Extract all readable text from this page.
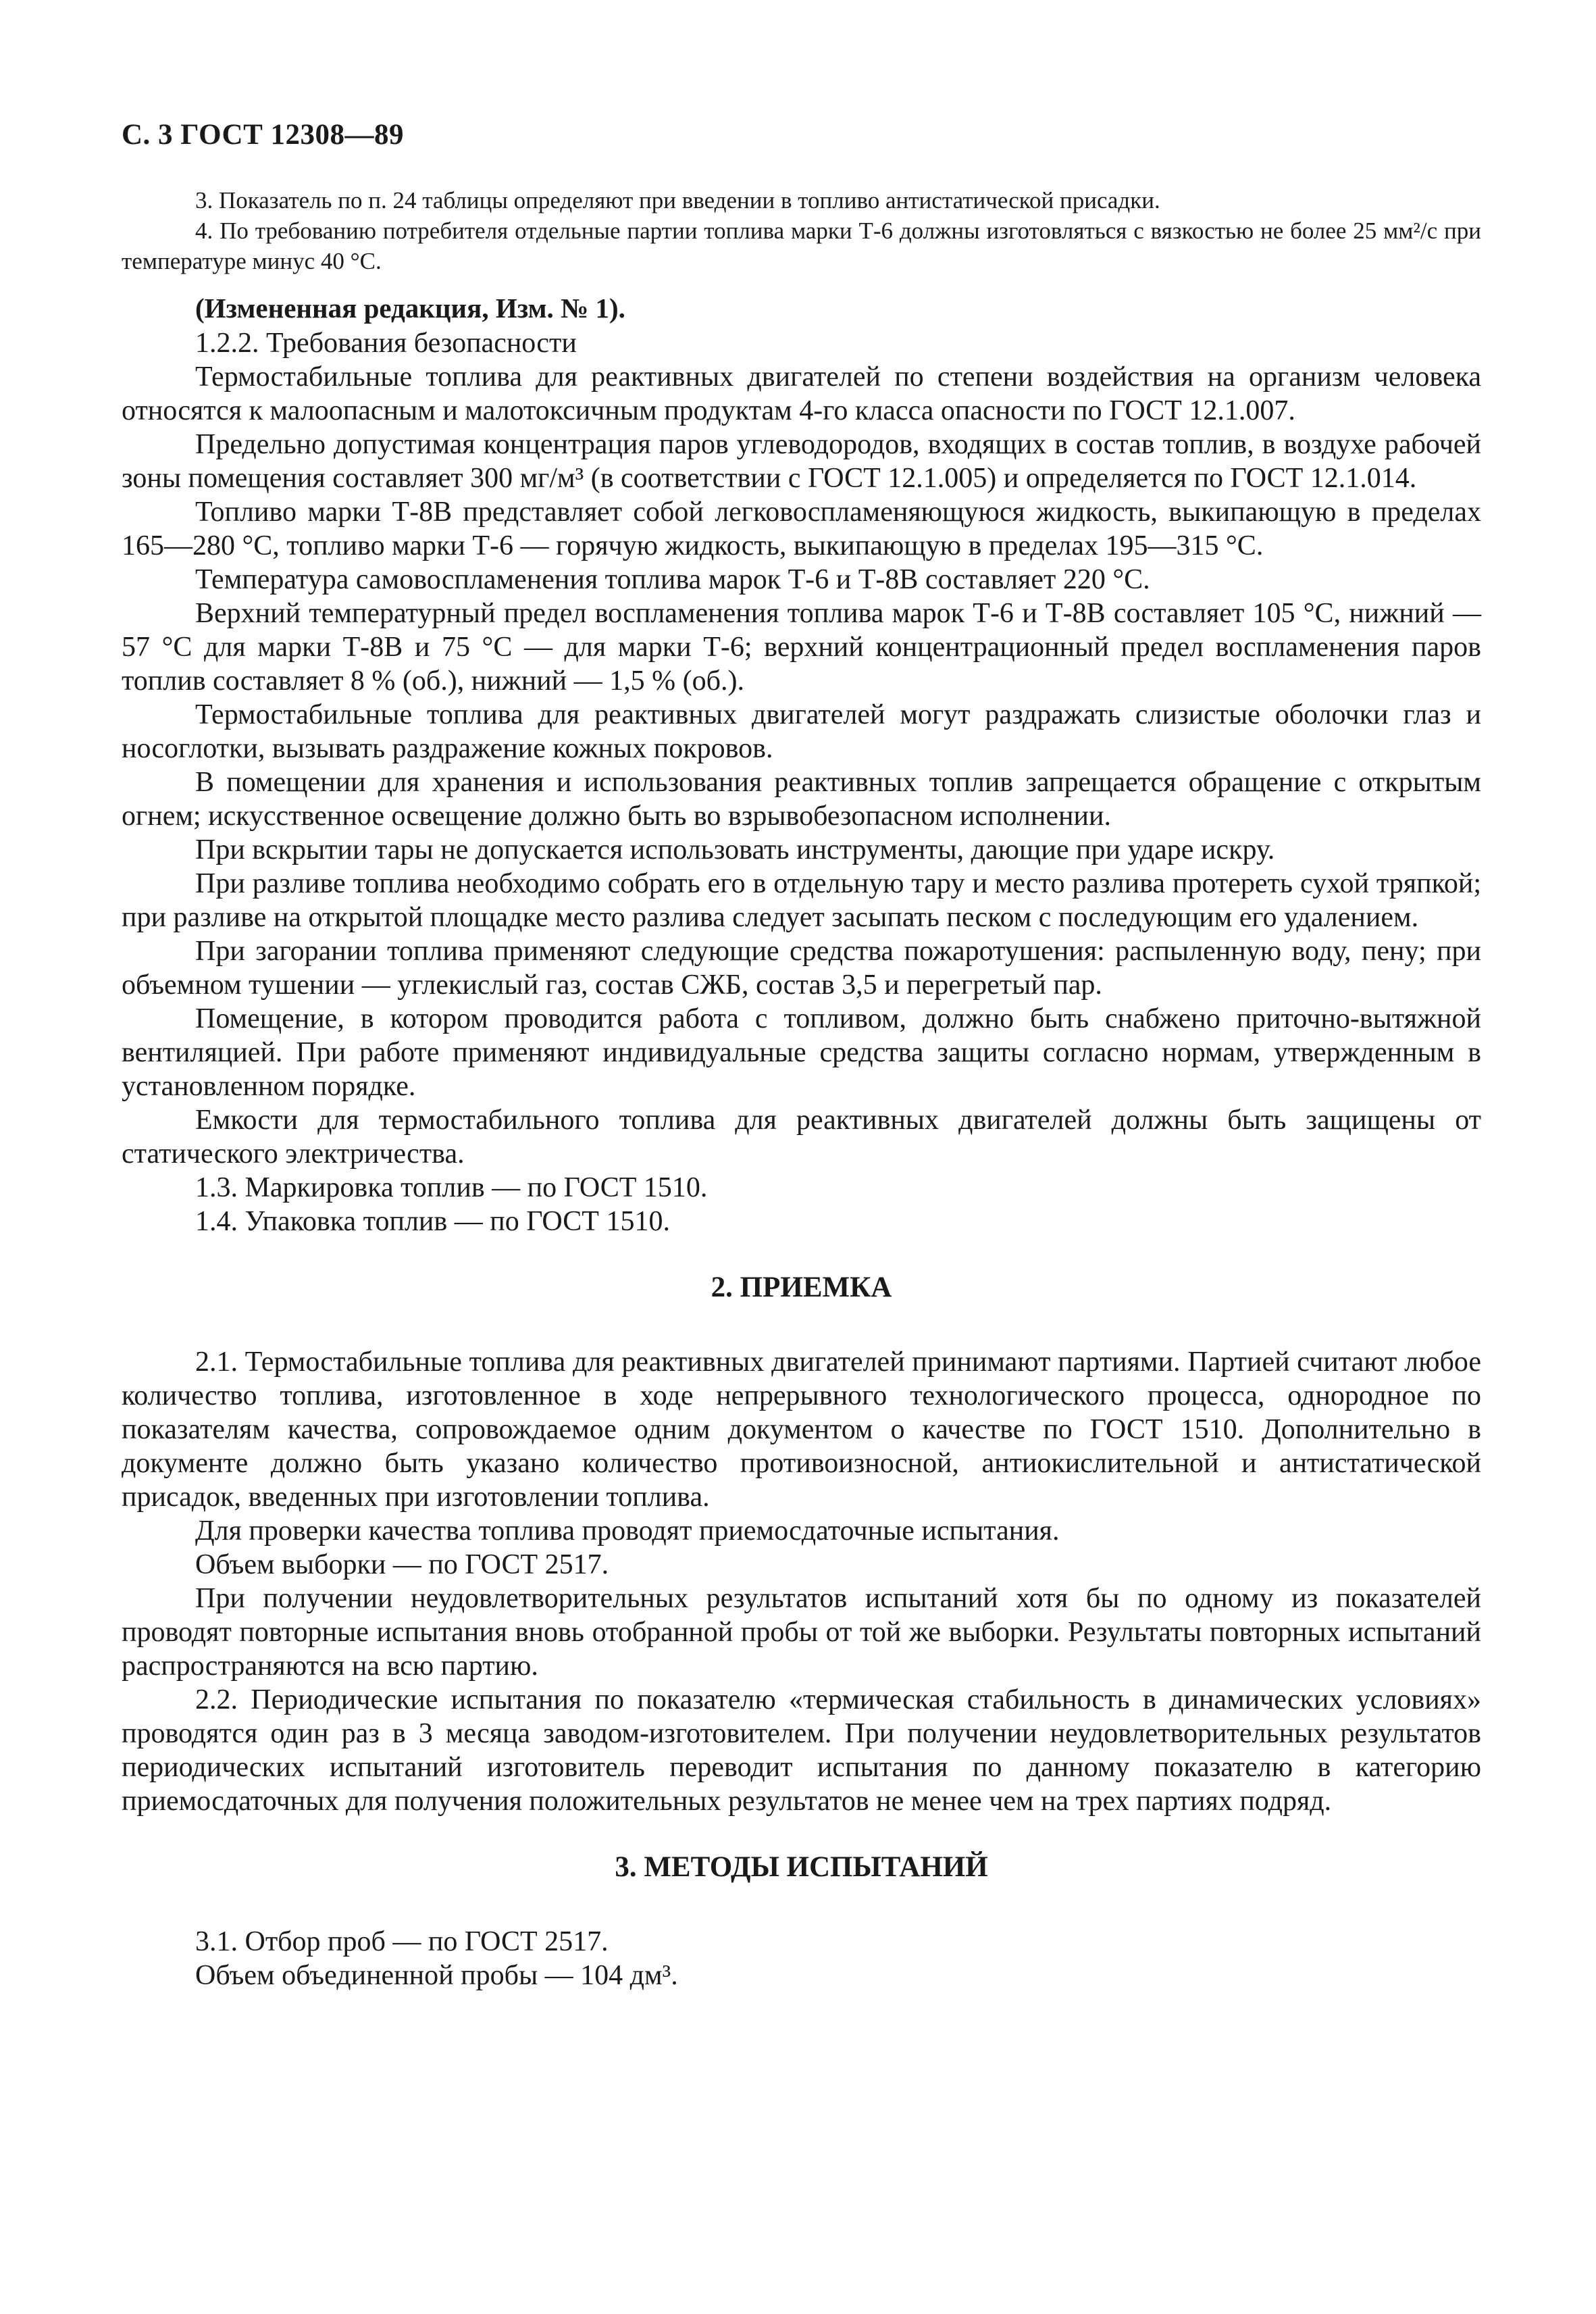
С. 3 ГОСТ 12308—89

3. Показатель по п. 24 таблицы определяют при введении в топливо антистатической присадки.

4. По требованию потребителя отдельные партии топлива марки Т-6 должны изготовляться с вязкостью не более 25 мм²/с при температуре минус 40 °С.

(Измененная редакция, Изм. № 1).

1.2.2. Требования безопасности

Термостабильные топлива для реактивных двигателей по степени воздействия на организм человека относятся к малоопасным и малотоксичным продуктам 4-го класса опасности по ГОСТ 12.1.007.

Предельно допустимая концентрация паров углеводородов, входящих в состав топлив, в воздухе рабочей зоны помещения составляет 300 мг/м³ (в соответствии с ГОСТ 12.1.005) и определяется по ГОСТ 12.1.014.

Топливо марки Т-8В представляет собой легковоспламеняющуюся жидкость, выкипающую в пределах 165—280 °С, топливо марки Т-6 — горячую жидкость, выкипающую в пределах 195—315 °С.

Температура самовоспламенения топлива марок Т-6 и Т-8В составляет 220 °С.

Верхний температурный предел воспламенения топлива марок Т-6 и Т-8В составляет 105 °С, нижний — 57 °С для марки Т-8В и 75 °С — для марки Т-6; верхний концентрационный предел воспламенения паров топлив составляет 8 % (об.), нижний — 1,5 % (об.).

Термостабильные топлива для реактивных двигателей могут раздражать слизистые оболочки глаз и носоглотки, вызывать раздражение кожных покровов.

В помещении для хранения и использования реактивных топлив запрещается обращение с открытым огнем; искусственное освещение должно быть во взрывобезопасном исполнении.

При вскрытии тары не допускается использовать инструменты, дающие при ударе искру.

При разливе топлива необходимо собрать его в отдельную тару и место разлива протереть сухой тряпкой; при разливе на открытой площадке место разлива следует засыпать песком с последующим его удалением.

При загорании топлива применяют следующие средства пожаротушения: распыленную воду, пену; при объемном тушении — углекислый газ, состав СЖБ, состав 3,5 и перегретый пар.

Помещение, в котором проводится работа с топливом, должно быть снабжено приточно-вытяжной вентиляцией. При работе применяют индивидуальные средства защиты согласно нормам, утвержденным в установленном порядке.

Емкости для термостабильного топлива для реактивных двигателей должны быть защищены от статического электричества.

1.3. Маркировка топлив — по ГОСТ 1510.

1.4. Упаковка топлив — по ГОСТ 1510.

2. ПРИЕМКА

2.1. Термостабильные топлива для реактивных двигателей принимают партиями. Партией считают любое количество топлива, изготовленное в ходе непрерывного технологического процесса, однородное по показателям качества, сопровождаемое одним документом о качестве по ГОСТ 1510. Дополнительно в документе должно быть указано количество противоизносной, антиокислительной и антистатической присадок, введенных при изготовлении топлива.

Для проверки качества топлива проводят приемосдаточные испытания.

Объем выборки — по ГОСТ 2517.

При получении неудовлетворительных результатов испытаний хотя бы по одному из показателей проводят повторные испытания вновь отобранной пробы от той же выборки. Результаты повторных испытаний распространяются на всю партию.

2.2. Периодические испытания по показателю «термическая стабильность в динамических условиях» проводятся один раз в 3 месяца заводом-изготовителем. При получении неудовлетворительных результатов периодических испытаний изготовитель переводит испытания по данному показателю в категорию приемосдаточных для получения положительных результатов не менее чем на трех партиях подряд.

3. МЕТОДЫ ИСПЫТАНИЙ

3.1. Отбор проб — по ГОСТ 2517.

Объем объединенной пробы — 104 дм³.
